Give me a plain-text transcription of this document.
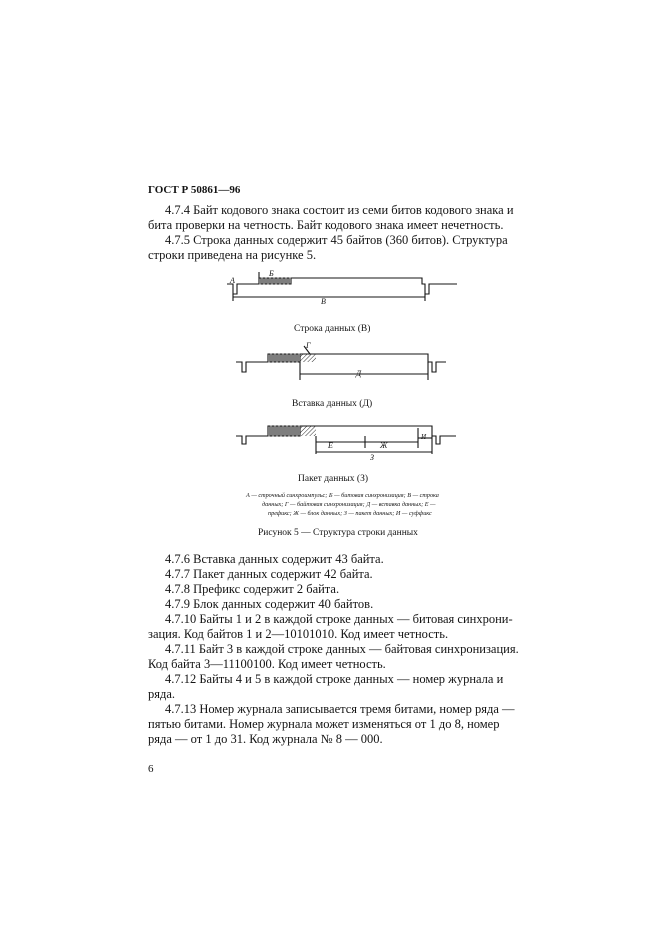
ГОСТ Р 50861—96
4.7.4 Байт кодового знака состоит из семи битов кодового знака и
бита проверки на четность. Байт кодового знака имеет нечетность.
4.7.5 Строка данных содержит 45 байтов (360 битов). Структура
строки приведена на рисунке 5.
А
Б
В
Строка данных (В)
Г
Д
Вставка данных (Д)
Е	Ж
И
З
Пакет данных (З)
А — строчный синхроимпульс; Б — битовая синхронизация; В — строка
данных; Г — байтовая синхронизация; Д — вставка данных; Е —
префикс; Ж — блок данных; З — пакет данных; И — суффикс
Рисунок 5 — Структура строки данных
4.7.6 Вставка данных содержит 43 байта.
4.7.7 Пакет данных содержит 42 байта.
4.7.8 Префикс содержит 2 байта.
4.7.9 Блок данных содержит 40 байтов.
4.7.10 Байты 1 и 2 в каждой строке данных — битовая синхрони-
зация. Код байтов 1 и 2—10101010. Код имеет четность.
4.7.11 Байт 3 в каждой строке данных — байтовая синхронизация.
Код байта 3—11100100. Код имеет четность.
4.7.12 Байты 4 и 5 в каждой строке данных — номер журнала и
ряда.
4.7.13 Номер журнала записывается тремя битами, номер ряда —
пятью битами. Номер журнала может изменяться от 1 до 8, номер
ряда — от 1 до 31. Код журнала № 8 — 000.
6
